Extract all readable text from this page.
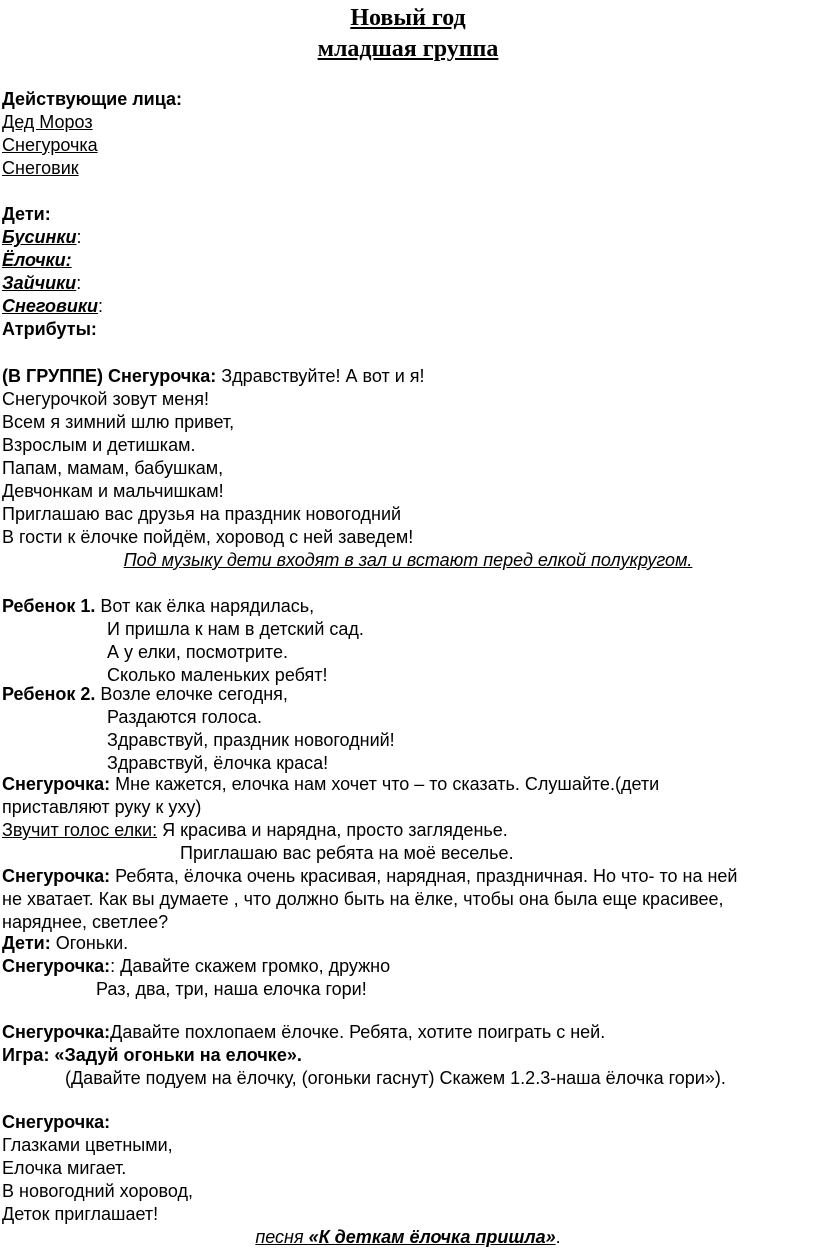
Новый год

младшая группа

Действующие лица:
Дед Мороз
Снегурочка
Снеговик
Дети:
Бусинки:
Ёлочки:
Зайчики:
Снеговики:
Атрибуты:
(В ГРУППЕ) Снегурочка: Здравствуйте! А вот и я!
Снегурочкой зовут меня!
Всем я зимний шлю привет,
Взрослым и детишкам.
Папам, мамам, бабушкам,
Девчонкам и мальчишкам!
Приглашаю вас друзья на праздник новогодний
В гости к ёлочке пойдём, хоровод с ней заведем!
Под музыку дети входят в зал и встают перед елкой полукругом.
Ребенок 1. Вот как ёлка нарядилась,
И пришла к нам в детский сад.
А у елки, посмотрите.
Сколько маленьких ребят!
Ребенок 2. Возле елочке сегодня,
Раздаются голоса.
Здравствуй, праздник новогодний!
Здравствуй, ёлочка краса!
Снегурочка: Мне кажется, елочка нам хочет что – то сказать. Слушайте.(дети
приставляют руку к уху)
Звучит голос елки: Я красива и нарядна, просто загляденье.
Приглашаю вас ребята на моё веселье.
Снегурочка: Ребята, ёлочка очень красивая, нарядная, праздничная. Но что- то на ней
не хватает. Как вы думаете , что должно быть на ёлке, чтобы она была еще красивее,
наряднее, светлее?
Дети: Огоньки.
Снегурочка:: Давайте скажем громко, дружно
Раз, два, три, наша елочка гори!
Снегурочка:Давайте похлопаем ёлочке. Ребята, хотите поиграть с ней.
Игра: «Задуй огоньки на елочке».
(Давайте подуем на ёлочку, (огоньки гаснут) Скажем 1.2.3-наша ёлочка гори»).
Снегурочка:
Глазками цветными,
Елочка мигает.
В новогодний хоровод,
Деток приглашает!
песня «К деткам ёлочка пришла».
